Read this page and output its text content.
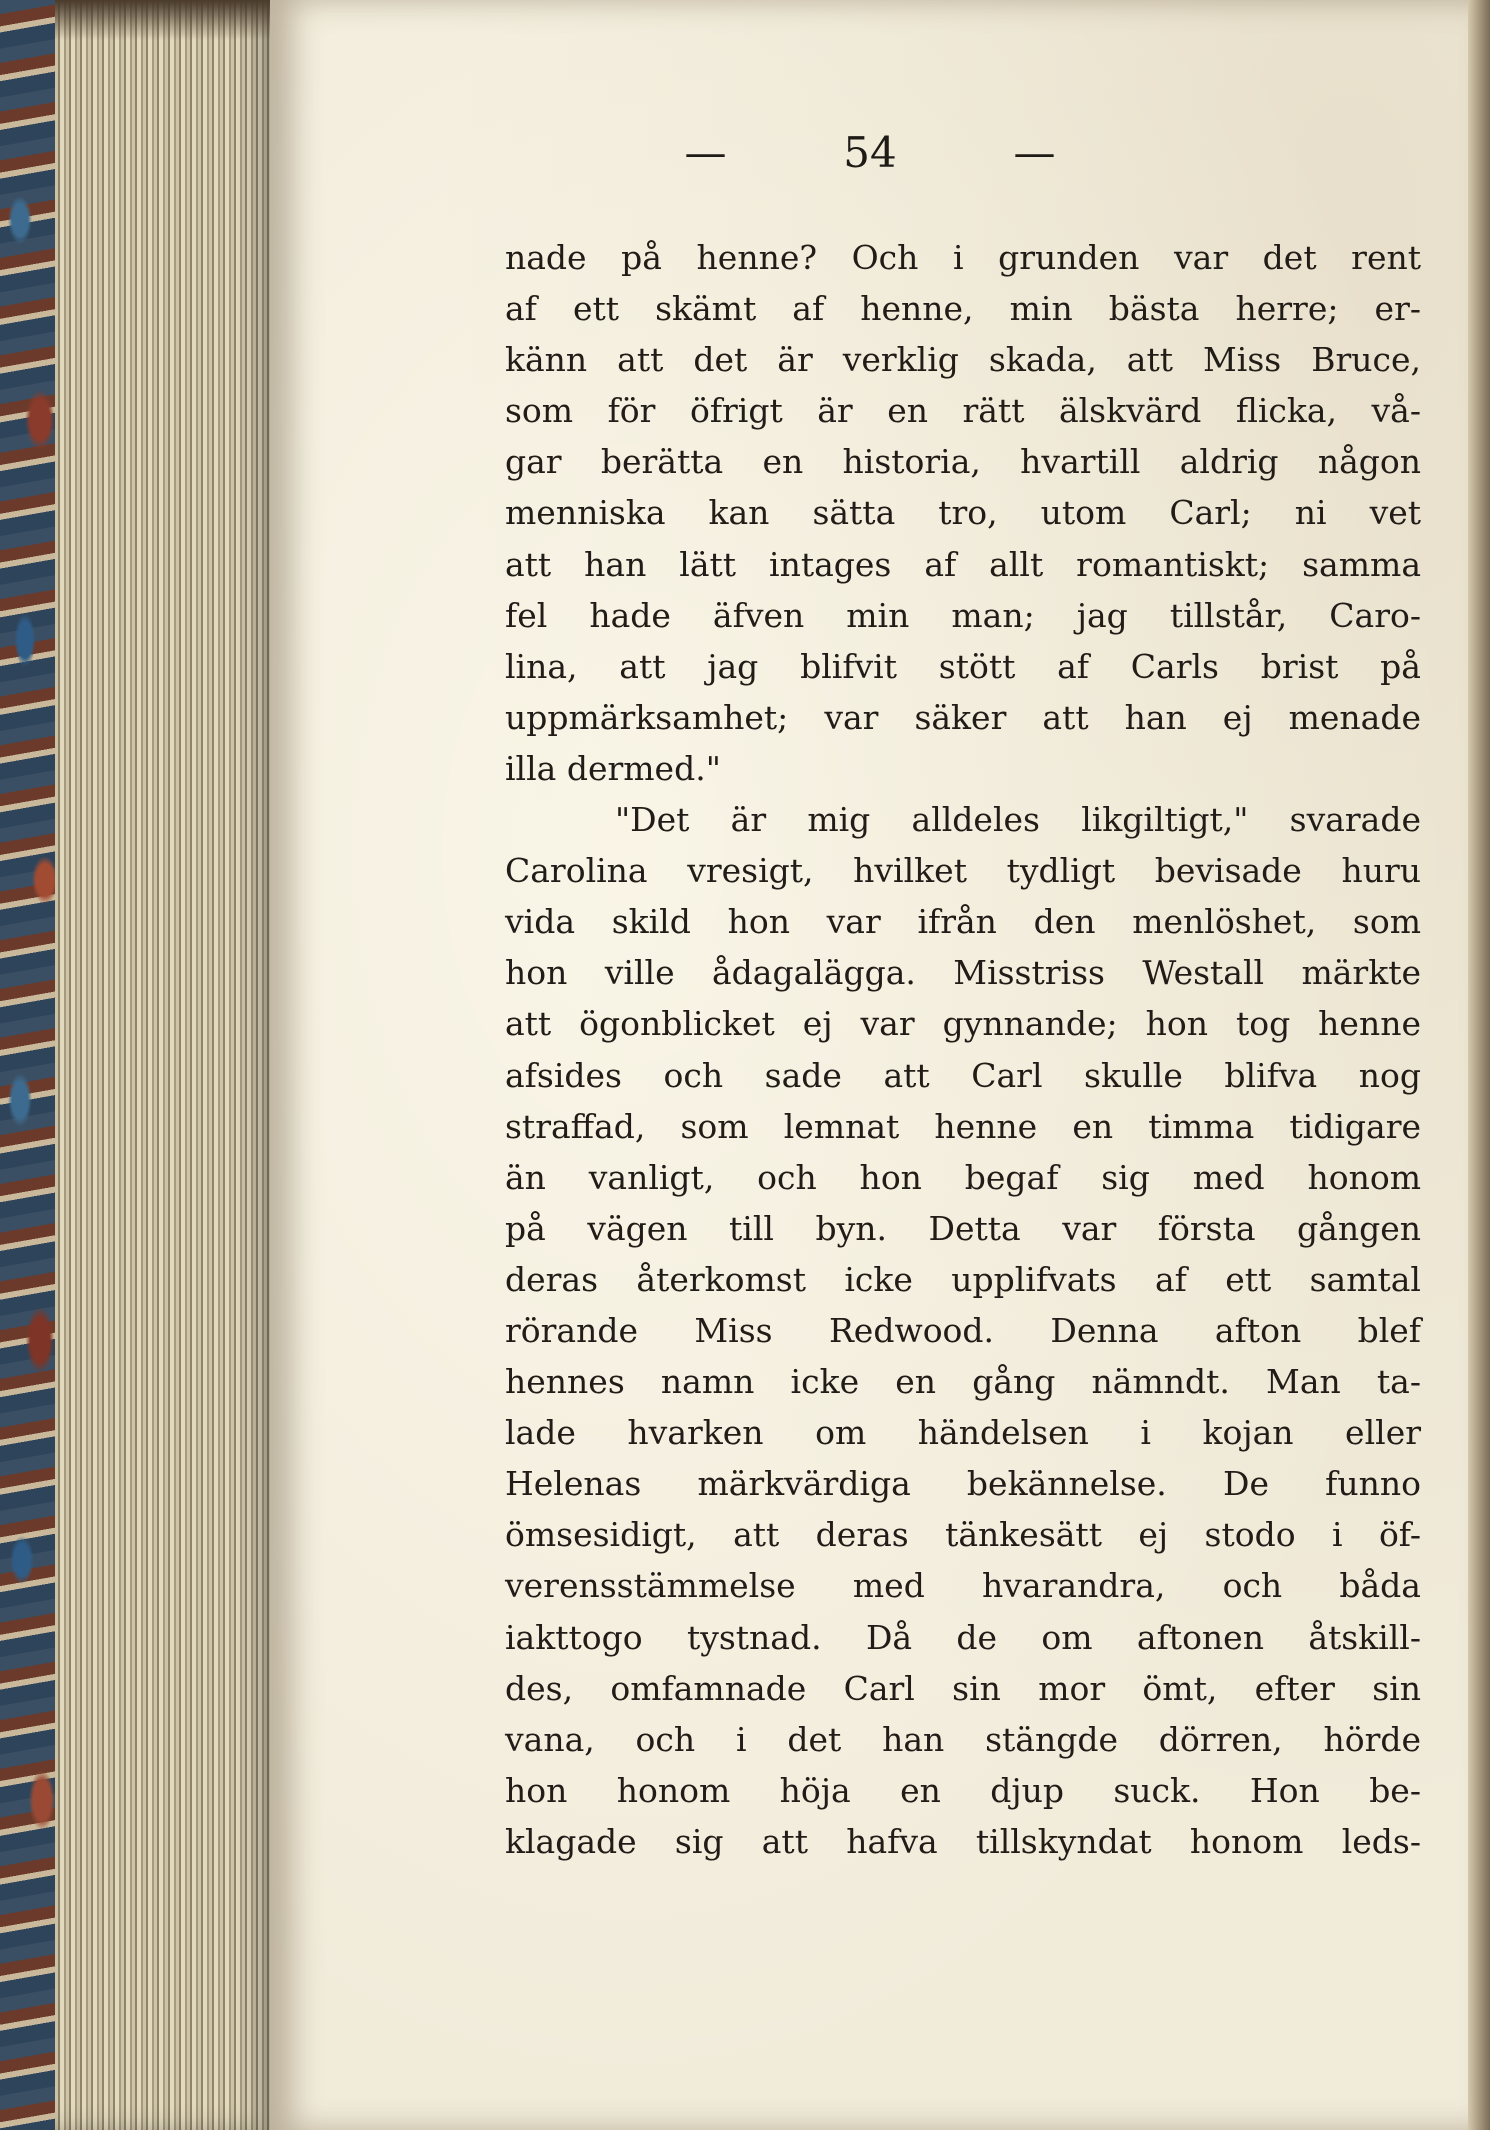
—	54	—
nade på henne? Och i grunden var det rent
af ett skämt af henne, min bästa herre; er-
känn att det är verklig skada, att Miss Bruce,
som för öfrigt är en rätt älskvärd flicka, vå-
gar berätta en historia, hvartill aldrig någon
menniska kan sätta tro, utom Carl; ni vet
att han lätt intages af allt romantiskt; samma
fel hade äfven min man; jag tillstår, Caro-
lina, att jag blifvit stött af Carls brist på
uppmärksamhet; var säker att han ej menade
illa dermed."
"Det är mig alldeles likgiltigt," svarade
Carolina vresigt, hvilket tydligt bevisade huru
vida skild hon var ifrån den menlöshet, som
hon ville ådagalägga. Misstriss Westall märkte
att ögonblicket ej var gynnande; hon tog henne
afsides och sade att Carl skulle blifva nog
straffad, som lemnat henne en timma tidigare
än vanligt, och hon begaf sig med honom
på vägen till byn. Detta var första gången
deras återkomst icke upplifvats af ett samtal
rörande Miss Redwood. Denna afton blef
hennes namn icke en gång nämndt. Man ta-
lade hvarken om händelsen i kojan eller
Helenas märkvärdiga bekännelse. De funno
ömsesidigt, att deras tänkesätt ej stodo i öf-
verensstämmelse med hvarandra, och båda
iakttogo tystnad. Då de om aftonen åtskill-
des, omfamnade Carl sin mor ömt, efter sin
vana, och i det han stängde dörren, hörde
hon honom höja en djup suck. Hon be-
klagade sig att hafva tillskyndat honom leds-
